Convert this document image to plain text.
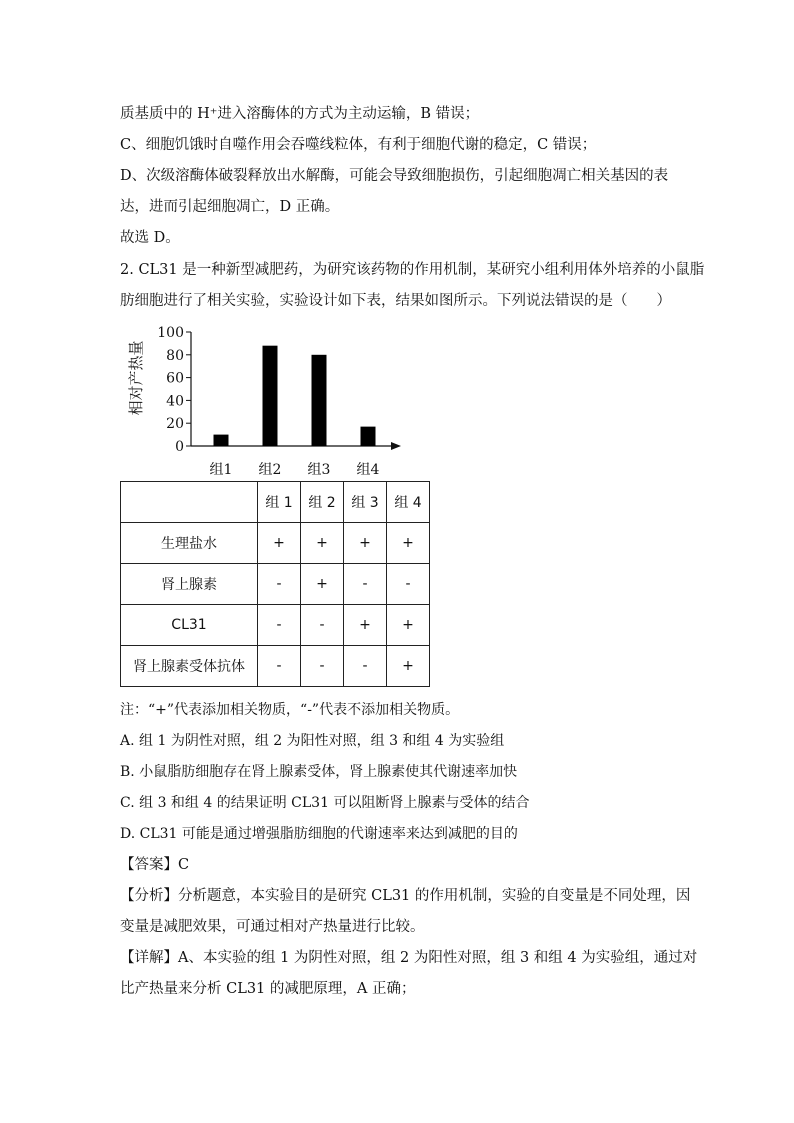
质基质中的 H⁺进入溶酶体的方式为主动运输，B 错误；
C、细胞饥饿时自噬作用会吞噬线粒体，有利于细胞代谢的稳定，C 错误；
D、次级溶酶体破裂释放出水解酶，可能会导致细胞损伤，引起细胞凋亡相关基因的表
达，进而引起细胞凋亡，D 正确。
故选 D。
2. CL31 是一种新型减肥药，为研究该药物的作用机制，某研究小组利用体外培养的小鼠脂
肪细胞进行了相关实验，实验设计如下表，结果如图所示。下列说法错误的是（　　）
相对产热量
0
20
40
60
80
100
组1 组2 组3 组4
	组 1	组 2	组 3	组 4
生理盐水	+	+	+	+
肾上腺素	-	+	-	-
CL31	-	-	+	+
肾上腺素受体抗体	-	-	-	+
注：“+”代表添加相关物质，“-”代表不添加相关物质。
A. 组 1 为阴性对照，组 2 为阳性对照，组 3 和组 4 为实验组
B. 小鼠脂肪细胞存在肾上腺素受体，肾上腺素使其代谢速率加快
C. 组 3 和组 4 的结果证明 CL31 可以阻断肾上腺素与受体的结合
D. CL31 可能是通过增强脂肪细胞的代谢速率来达到减肥的目的
【答案】C
【分析】分析题意，本实验目的是研究 CL31 的作用机制，实验的自变量是不同处理，因
变量是减肥效果，可通过相对产热量进行比较。
【详解】A、本实验的组 1 为阴性对照，组 2 为阳性对照，组 3 和组 4 为实验组，通过对
比产热量来分析 CL31 的减肥原理，A 正确；
